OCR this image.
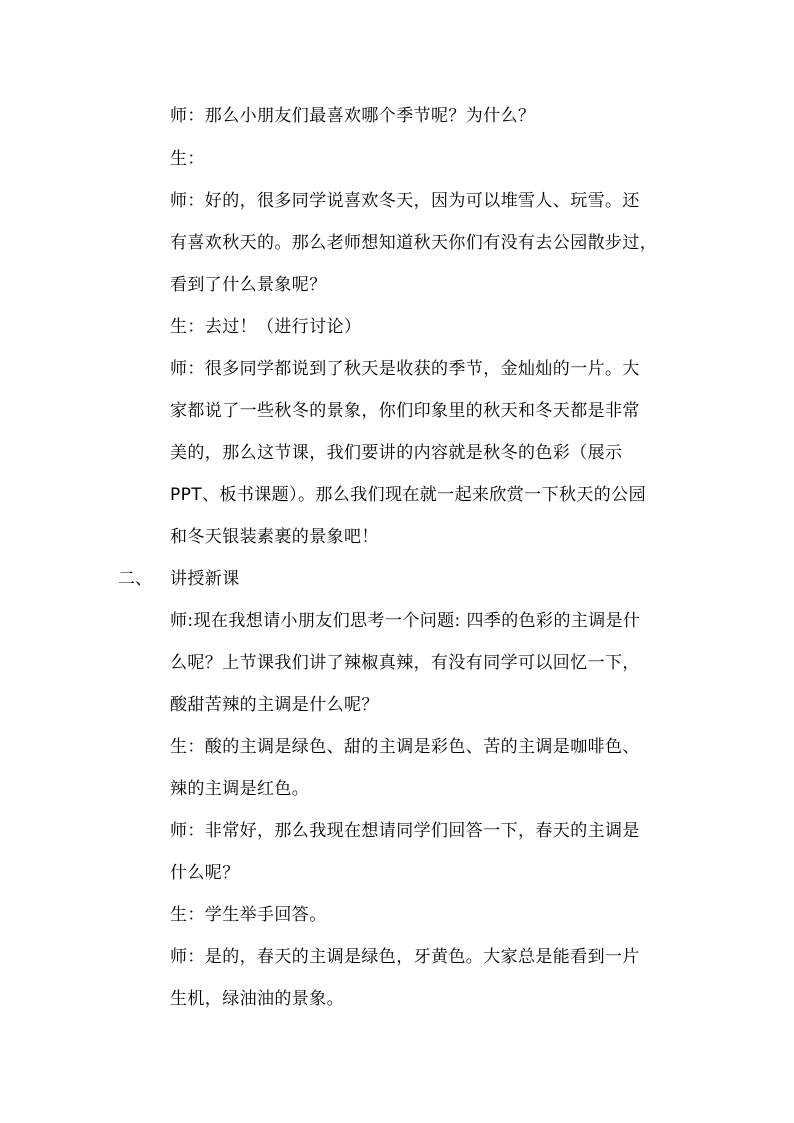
师：那么小朋友们最喜欢哪个季节呢？为什么？
生：
师：好的，很多同学说喜欢冬天，因为可以堆雪人、玩雪。还
有喜欢秋天的。那么老师想知道秋天你们有没有去公园散步过，
看到了什么景象呢？
生：去过！（进行讨论）
师：很多同学都说到了秋天是收获的季节，金灿灿的一片。大
家都说了一些秋冬的景象，你们印象里的秋天和冬天都是非常
美的，那么这节课，我们要讲的内容就是秋冬的色彩（展示
PPT、板书课题）。那么我们现在就一起来欣赏一下秋天的公园
和冬天银装素裹的景象吧！
二、 讲授新课
师:现在我想请小朋友们思考一个问题: 四季的色彩的主调是什
么呢？上节课我们讲了辣椒真辣，有没有同学可以回忆一下，
酸甜苦辣的主调是什么呢？
生：酸的主调是绿色、甜的主调是彩色、苦的主调是咖啡色、
辣的主调是红色。
师：非常好，那么我现在想请同学们回答一下，春天的主调是
什么呢？
生：学生举手回答。
师：是的，春天的主调是绿色，牙黄色。大家总是能看到一片
生机，绿油油的景象。
